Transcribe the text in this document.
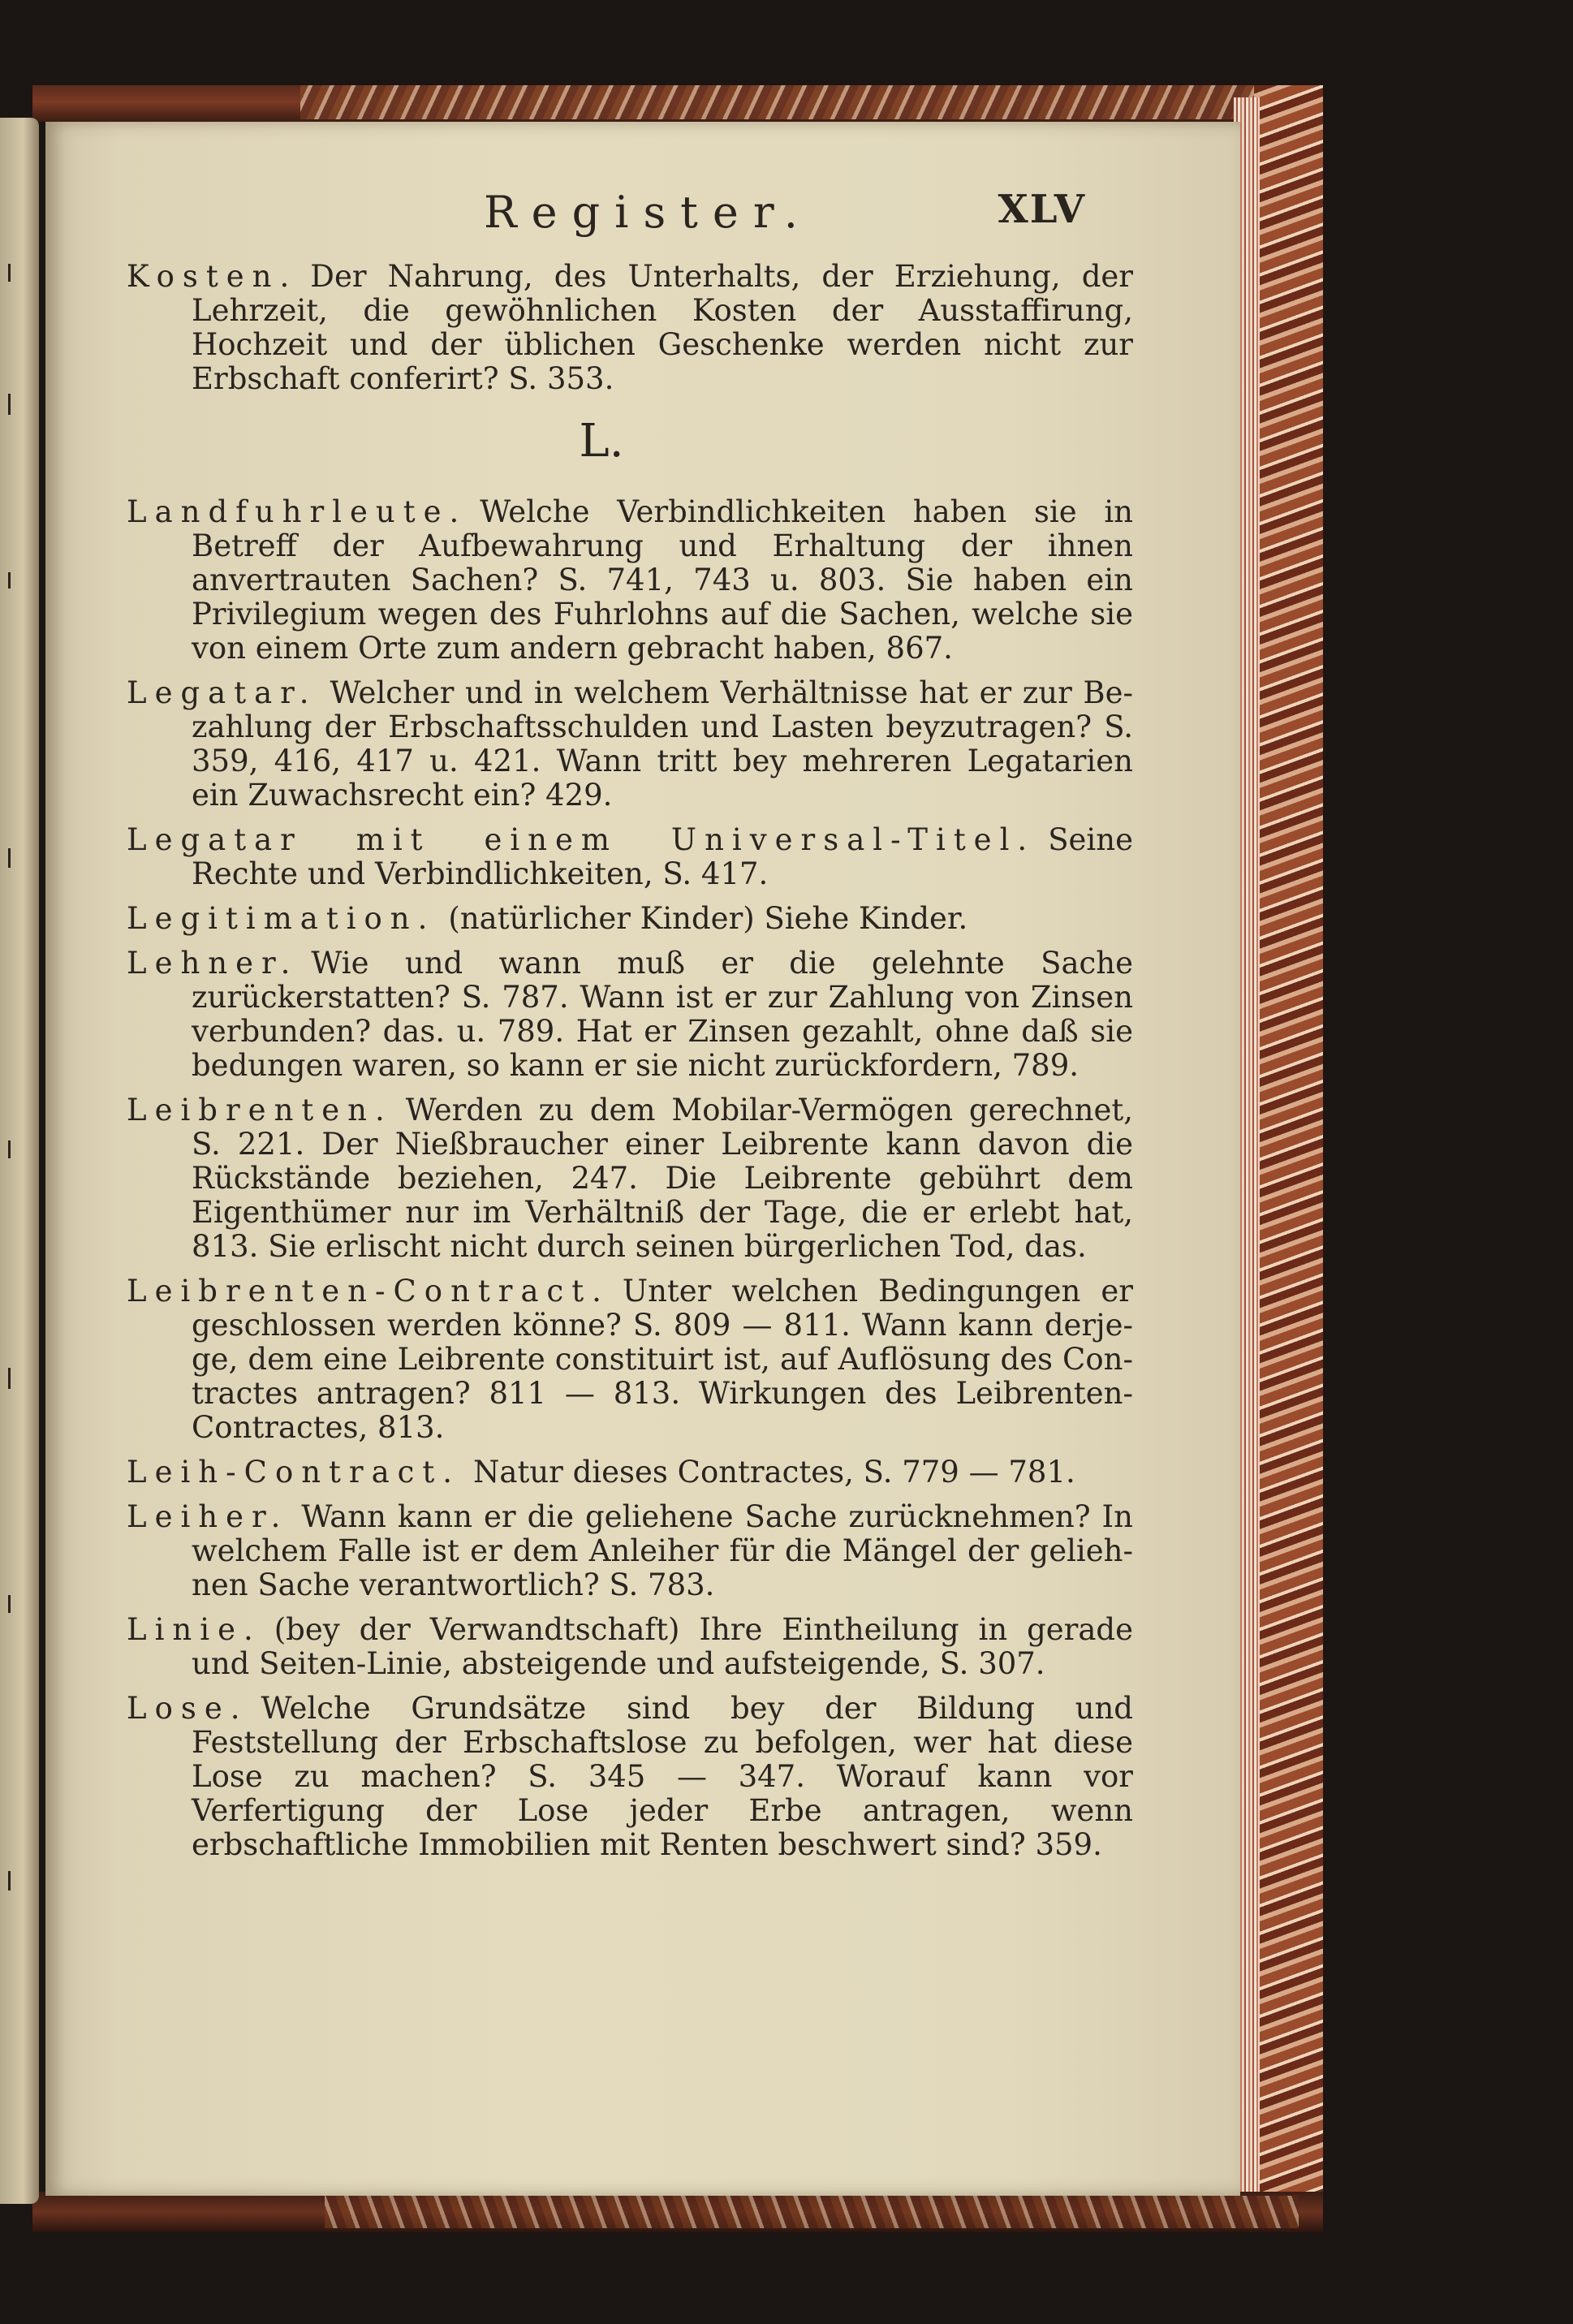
Register.	XLV

Kosten. Der Nahrung, des Unterhalts, der Erziehung, der Lehrzeit, die gewöhnlichen Kosten der Ausstaffirung, Hochzeit und der üblichen Geschenke werden nicht zur Erbschaft conferirt? S. 353.

L.

Landfuhrleute. Welche Verbindlichkeiten haben sie in Betreff der Aufbewahrung und Erhaltung der ihnen anvertrauten Sachen? S. 741, 743 u. 803. Sie haben ein Privilegium wegen des Fuhrlohns auf die Sachen, welche sie von einem Orte zum andern gebracht haben, 867.

Legatar. Welcher und in welchem Verhältnisse hat er zur Bezahlung der Erbschaftsschulden und Lasten beyzutragen? S. 359, 416, 417 u. 421. Wann tritt bey mehreren Legatarien ein Zuwachsrecht ein? 429.

Legatar mit einem Universal-Titel. Seine Rechte und Verbindlichkeiten, S. 417.

Legitimation. (natürlicher Kinder) Siehe Kinder.

Lehner. Wie und wann muß er die gelehnte Sache zurückerstatten? S. 787. Wann ist er zur Zahlung von Zinsen verbunden? das. u. 789. Hat er Zinsen gezahlt, ohne daß sie bedungen waren, so kann er sie nicht zurückfordern, 789.

Leibrenten. Werden zu dem Mobilar-Vermögen gerechnet, S. 221. Der Nießbraucher einer Leibrente kann davon die Rückstände beziehen, 247. Die Leibrente gebührt dem Eigenthümer nur im Verhältniß der Tage, die er erlebt hat, 813. Sie erlischt nicht durch seinen bürgerlichen Tod, das.

Leibrenten-Contract. Unter welchen Bedingungen er geschlossen werden könne? S. 809 — 811. Wann kann derjege, dem eine Leibrente constituirt ist, auf Auflösung des Contractes antragen? 811 — 813. Wirkungen des LeibrentenContractes, 813.

Leih-Contract. Natur dieses Contractes, S. 779 — 781.

Leiher. Wann kann er die geliehene Sache zurücknehmen? In welchem Falle ist er dem Anleiher für die Mängel der geliehnen Sache verantwortlich? S. 783.

Linie. (bey der Verwandtschaft) Ihre Eintheilung in gerade und Seiten-Linie, absteigende und aufsteigende, S. 307.

Lose. Welche Grundsätze sind bey der Bildung und Feststellung der Erbschaftslose zu befolgen, wer hat diese Lose zu machen? S. 345 — 347. Worauf kann vor Verfertigung der Lose jeder Erbe antragen, wenn erbschaftliche Immobilien mit Renten beschwert sind? 359.
